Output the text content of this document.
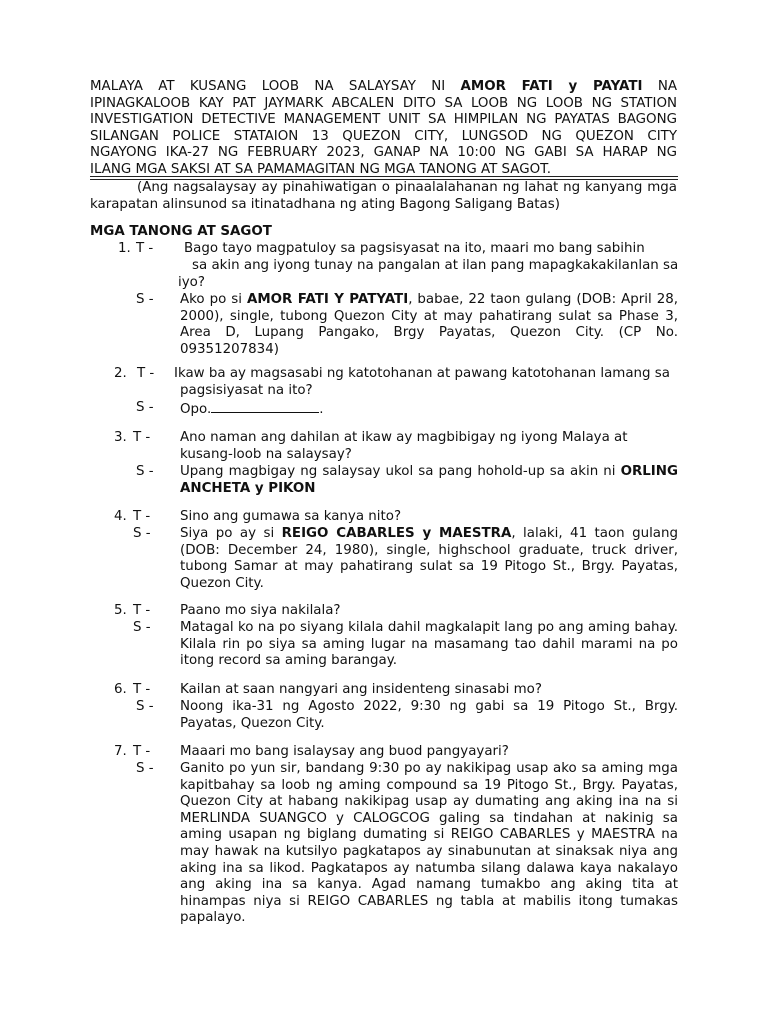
MALAYA AT KUSANG LOOB NA SALAYSAY NI AMOR FATI y PAYATI NA
IPINAGKALOOB KAY PAT JAYMARK ABCALEN DITO SA LOOB NG LOOB NG STATION
INVESTIGATION DETECTIVE MANAGEMENT UNIT SA HIMPILAN NG PAYATAS BAGONG
SILANGAN POLICE STATAION 13 QUEZON CITY, LUNGSOD NG QUEZON CITY
NGAYONG IKA-27 NG FEBRUARY 2023, GANAP NA 10:00 NG GABI SA HARAP NG
ILANG MGA SAKSI AT SA PAMAMAGITAN NG MGA TANONG AT SAGOT.
(Ang nagsalaysay ay pinahiwatigan o pinaalalahanan ng lahat ng kanyang mga karapatan alinsunod sa itinatadhana ng ating Bagong Saligang Batas)
MGA TANONG AT SAGOT
1. T - Bago tayo magpatuloy sa pagsisyasat na ito, maari mo bang sabihin
sa akin ang iyong tunay na pangalan at ilan pang mapagkakakilanlan sa
iyo?
S - Ako po si AMOR FATI Y PATYATI, babae, 22 taon gulang (DOB: April 28, 2000), single, tubong Quezon City at may pahatirang sulat sa Phase 3, Area D, Lupang Pangako, Brgy Payatas, Quezon City. (CP No. 09351207834)
2. T - Ikaw ba ay magsasabi ng katotohanan at pawang katotohanan lamang sa
pagsisiyasat na ito?
S - Opo.	.
3. T - Ano naman ang dahilan at ikaw ay magbibigay ng iyong Malaya at
kusang-loob na salaysay?
S - Upang magbigay ng salaysay ukol sa pang hohold-up sa akin ni ORLING ANCHETA y PIKON
4. T - Sino ang gumawa sa kanya nito?
S - Siya po ay si REIGO CABARLES y MAESTRA, lalaki, 41 taon gulang (DOB: December 24, 1980), single, highschool graduate, truck driver, tubong Samar at may pahatirang sulat sa 19 Pitogo St., Brgy. Payatas, Quezon City.
5. T - Paano mo siya nakilala?
S - Matagal ko na po siyang kilala dahil magkalapit lang po ang aming bahay. Kilala rin po siya sa aming lugar na masamang tao dahil marami na po itong record sa aming barangay.
6. T - Kailan at saan nangyari ang insidenteng sinasabi mo?
S - Noong ika-31 ng Agosto 2022, 9:30 ng gabi sa 19 Pitogo St., Brgy. Payatas, Quezon City.
7. T - Maaari mo bang isalaysay ang buod pangyayari?
S - Ganito po yun sir, bandang 9:30 po ay nakikipag usap ako sa aming mga kapitbahay sa loob ng aming compound sa 19 Pitogo St., Brgy. Payatas, Quezon City at habang nakikipag usap ay dumating ang aking ina na si MERLINDA SUANGCO y CALOGCOG galing sa tindahan at nakinig sa aming usapan ng biglang dumating si REIGO CABARLES y MAESTRA na may hawak na kutsilyo pagkatapos ay sinabunutan at sinaksak niya ang aking ina sa likod. Pagkatapos ay natumba silang dalawa kaya nakalayo ang aking ina sa kanya. Agad namang tumakbo ang aking tita at hinampas niya si REIGO CABARLES ng tabla at mabilis itong tumakas papalayo.
